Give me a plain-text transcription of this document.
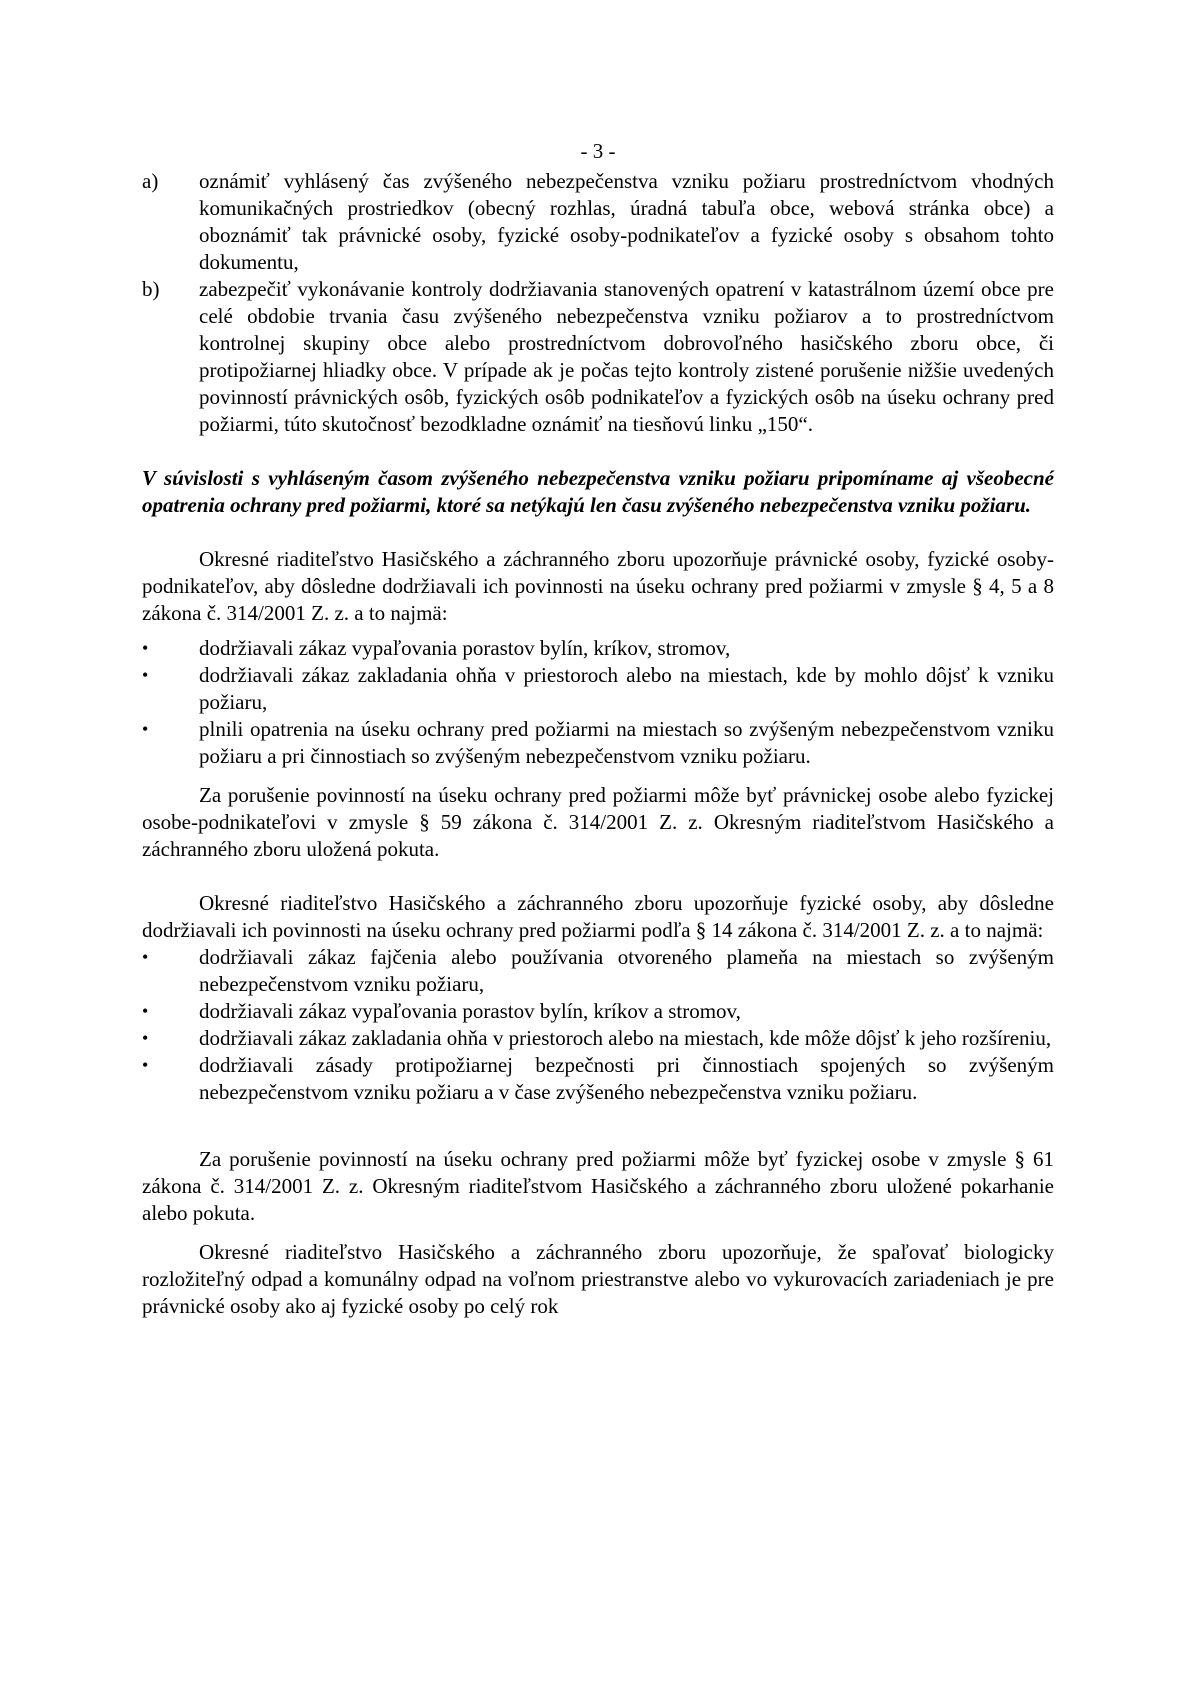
- 3 -
a)	oznámiť vyhlásený čas zvýšeného nebezpečenstva vzniku požiaru prostredníctvom vhodných komunikačných prostriedkov (obecný rozhlas, úradná tabuľa obce, webová stránka obce) a oboznámiť tak právnické osoby, fyzické osoby-podnikateľov a fyzické osoby s obsahom tohto dokumentu,
b)	zabezpečiť vykonávanie kontroly dodržiavania stanovených opatrení v katastrálnom území obce pre celé obdobie trvania času zvýšeného nebezpečenstva vzniku požiarov a to prostredníctvom kontrolnej skupiny obce alebo prostredníctvom dobrovoľného hasičského zboru obce, či protipožiarnej hliadky obce. V prípade ak je počas tejto kontroly zistené porušenie nižšie uvedených povinností právnických osôb, fyzických osôb podnikateľov a fyzických osôb na úseku ochrany pred požiarmi, túto skutočnosť bezodkladne oznámiť na tiesňovú linku „150“.

V súvislosti s vyhláseným časom zvýšeného nebezpečenstva vzniku požiaru pripomíname aj všeobecné opatrenia ochrany pred požiarmi, ktoré sa netýkajú len času zvýšeného nebezpečenstva vzniku požiaru.

Okresné riaditeľstvo Hasičského a záchranného zboru upozorňuje právnické osoby, fyzické osoby-podnikateľov, aby dôsledne dodržiavali ich povinnosti na úseku ochrany pred požiarmi v zmysle § 4, 5 a 8 zákona č. 314/2001 Z. z. a to najmä:

•	dodržiavali zákaz vypaľovania porastov bylín, kríkov, stromov,
•	dodržiavali zákaz zakladania ohňa v priestoroch alebo na miestach, kde by mohlo dôjsť k vzniku požiaru,
•	plnili opatrenia na úseku ochrany pred požiarmi na miestach so zvýšeným nebezpečenstvom vzniku požiaru a pri činnostiach so zvýšeným nebezpečenstvom vzniku požiaru.

Za porušenie povinností na úseku ochrany pred požiarmi môže byť právnickej osobe alebo fyzickej osobe-podnikateľovi v zmysle § 59 zákona č. 314/2001 Z. z. Okresným riaditeľstvom Hasičského a záchranného zboru uložená pokuta.

Okresné riaditeľstvo Hasičského a záchranného zboru upozorňuje fyzické osoby, aby dôsledne dodržiavali ich povinnosti na úseku ochrany pred požiarmi podľa § 14 zákona č. 314/2001 Z. z. a to najmä:

•	dodržiavali zákaz fajčenia alebo používania otvoreného plameňa na miestach so zvýšeným nebezpečenstvom vzniku požiaru,
•	dodržiavali zákaz vypaľovania porastov bylín, kríkov a stromov,
•	dodržiavali zákaz zakladania ohňa v priestoroch alebo na miestach, kde môže dôjsť k jeho rozšíreniu,
•	dodržiavali zásady protipožiarnej bezpečnosti pri činnostiach spojených so zvýšeným nebezpečenstvom vzniku požiaru a v čase zvýšeného nebezpečenstva vzniku požiaru.

Za porušenie povinností na úseku ochrany pred požiarmi môže byť fyzickej osobe v zmysle § 61 zákona č. 314/2001 Z. z. Okresným riaditeľstvom Hasičského a záchranného zboru uložené pokarhanie alebo pokuta.

Okresné riaditeľstvo Hasičského a záchranného zboru upozorňuje, že spaľovať biologicky rozložiteľný odpad a komunálny odpad na voľnom priestranstve alebo vo vykurovacích zariadeniach je pre právnické osoby ako aj fyzické osoby po celý rok
